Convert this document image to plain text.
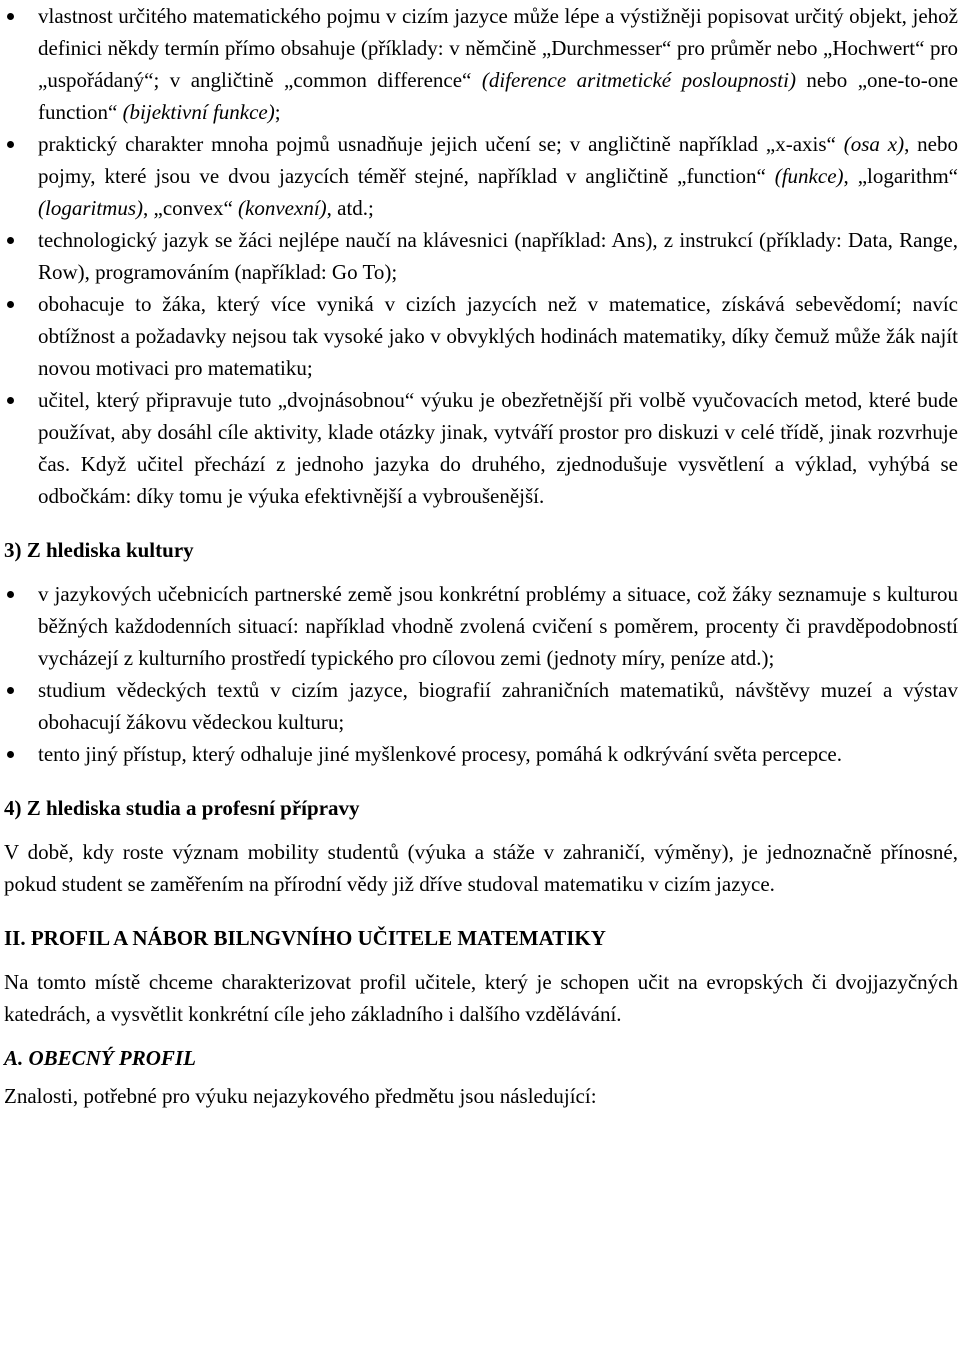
vlastnost určitého matematického pojmu v cizím jazyce může lépe a výstižněji popisovat určitý objekt, jehož definici někdy termín přímo obsahuje (příklady: v němčině „Durchmesser“ pro průměr nebo „Hochwert“ pro „uspořádaný“; v angličtině „common difference“ (diference aritmetické posloupnosti) nebo „one-to-one function“ (bijektivní funkce);
praktický charakter mnoha pojmů usnadňuje jejich učení se; v angličtině například „x-axis“ (osa x), nebo pojmy, které jsou ve dvou jazycích téměř stejné, například v angličtině „function“ (funkce), „logarithm“ (logaritmus), „convex“ (konvexní), atd.;
technologický jazyk se žáci nejlépe naučí na klávesnici (například: Ans), z instrukcí (příklady: Data, Range, Row), programováním (například: Go To);
obohacuje to žáka, který více vyniká v cizích jazycích než v matematice, získává sebevědomí; navíc obtížnost a požadavky nejsou tak vysoké jako v obvyklých hodinách matematiky, díky čemuž může žák najít novou motivaci pro matematiku;
učitel, který připravuje tuto „dvojnásobnou“ výuku je obezřetnější při volbě vyučovacích metod, které bude používat, aby dosáhl cíle aktivity, klade otázky jinak, vytváří prostor pro diskuzi v celé třídě, jinak rozvrhuje čas. Když učitel přechází z jednoho jazyka do druhého, zjednodušuje vysvětlení a výklad, vyhýbá se odbočkám: díky tomu je výuka efektivnější a vybroušenější.
3) Z hlediska kultury
v jazykových učebnicích partnerské země jsou konkrétní problémy a situace, což žáky seznamuje s kulturou běžných každodenních situací: například vhodně zvolená cvičení s poměrem, procenty či pravděpodobností vycházejí z kulturního prostředí typického pro cílovou zemi (jednoty míry, peníze atd.);
studium vědeckých textů v cizím jazyce, biografií zahraničních matematiků, návštěvy muzeí a výstav obohacují žákovu vědeckou kulturu;
tento jiný přístup, který odhaluje jiné myšlenkové procesy, pomáhá k odkrývání světa percepce.
4) Z hlediska studia a profesní přípravy

V době, kdy roste význam mobility studentů (výuka a stáže v zahraničí, výměny), je jednoznačně přínosné, pokud student se zaměřením na přírodní vědy již dříve studoval matematiku v cizím jazyce.

II. PROFIL A NÁBOR BILNGVNÍHO UČITELE MATEMATIKY

Na tomto místě chceme charakterizovat profil učitele, který je schopen učit na evropských či dvojjazyčných katedrách, a vysvětlit konkrétní cíle jeho základního i dalšího vzdělávání.

A. OBECNÝ PROFIL

Znalosti, potřebné pro výuku nejazykového předmětu jsou následující:
